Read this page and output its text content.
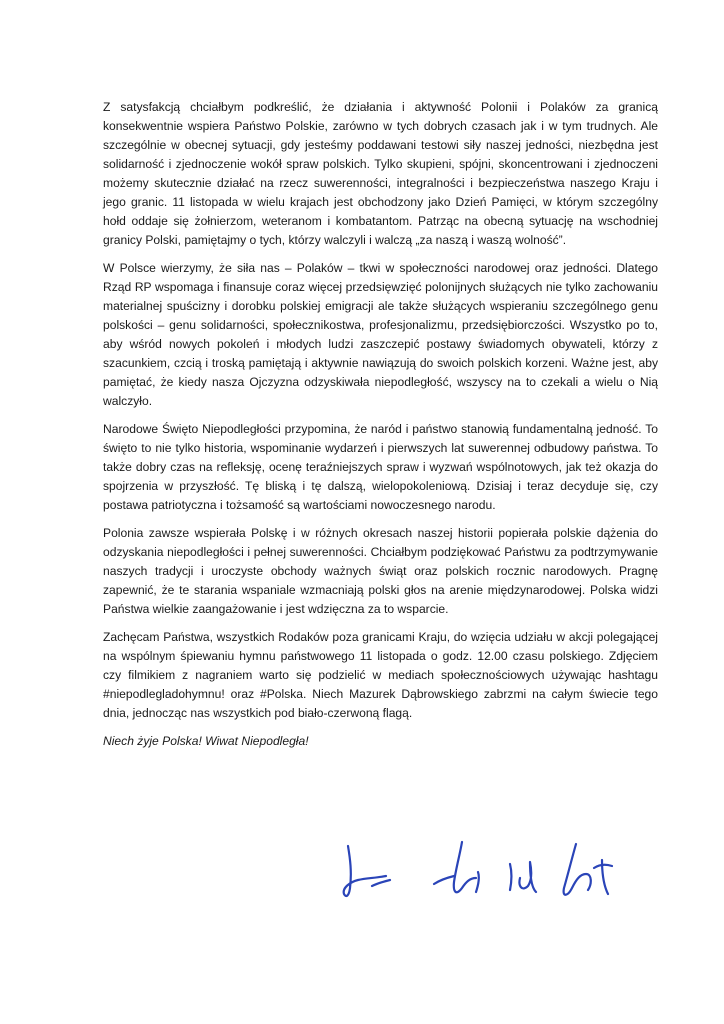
Z satysfakcją chciałbym podkreślić, że działania i aktywność Polonii i Polaków za granicą konsekwentnie wspiera Państwo Polskie, zarówno w tych dobrych czasach jak i w tym trudnych. Ale szczególnie w obecnej sytuacji, gdy jesteśmy poddawani testowi siły naszej jedności, niezbędna jest solidarność i zjednoczenie wokół spraw polskich. Tylko skupieni, spójni, skoncentrowani i zjednoczeni możemy skutecznie działać na rzecz suwerenności, integralności i bezpieczeństwa naszego Kraju i jego granic. 11 listopada w wielu krajach jest obchodzony jako Dzień Pamięci, w którym szczególny hołd oddaje się żołnierzom, weteranom i kombatantom. Patrząc na obecną sytuację na wschodniej granicy Polski, pamiętajmy o tych, którzy walczyli i walczą „za naszą i waszą wolność”.

W Polsce wierzymy, że siła nas – Polaków – tkwi w społeczności narodowej oraz jedności. Dlatego Rząd RP wspomaga i finansuje coraz więcej przedsięwzięć polonijnych służących nie tylko zachowaniu materialnej spuścizny i dorobku polskiej emigracji ale także służących wspieraniu szczególnego genu polskości – genu solidarności, społecznikostwa, profesjonalizmu, przedsiębiorczości. Wszystko po to, aby wśród nowych pokoleń i młodych ludzi zaszczepić postawy świadomych obywateli, którzy z szacunkiem, czcią i troską pamiętają i aktywnie nawiązują do swoich polskich korzeni. Ważne jest, aby pamiętać, że kiedy nasza Ojczyzna odzyskiwała niepodległość, wszyscy na to czekali a wielu o Nią walczyło.

Narodowe Święto Niepodległości przypomina, że naród i państwo stanowią fundamentalną jedność. To święto to nie tylko historia, wspominanie wydarzeń i pierwszych lat suwerennej odbudowy państwa. To także dobry czas na refleksję, ocenę teraźniejszych spraw i wyzwań wspólnotowych, jak też okazja do spojrzenia w przyszłość. Tę bliską i tę dalszą, wielopokoleniową. Dzisiaj i teraz decyduje się, czy postawa patriotyczna i tożsamość są wartościami nowoczesnego narodu.

Polonia zawsze wspierała Polskę i w różnych okresach naszej historii popierała polskie dążenia do odzyskania niepodległości i pełnej suwerenności. Chciałbym podziękować Państwu za podtrzymywanie naszych tradycji i uroczyste obchody ważnych świąt oraz polskich rocznic narodowych. Pragnę zapewnić, że te starania wspaniale wzmacniają polski głos na arenie międzynarodowej. Polska widzi Państwa wielkie zaangażowanie i jest wdzięczna za to wsparcie.

Zachęcam Państwa, wszystkich Rodaków poza granicami Kraju, do wzięcia udziału w akcji polegającej na wspólnym śpiewaniu hymnu państwowego 11 listopada o godz. 12.00 czasu polskiego. Zdjęciem czy filmikiem z nagraniem warto się podzielić w mediach społecznościowych używając hashtagu #niepodlegladohymnu! oraz #Polska. Niech Mazurek Dąbrowskiego zabrzmi na całym świecie tego dnia, jednocząc nas wszystkich pod biało-czerwoną flagą.

Niech żyje Polska! Wiwat Niepodległa!
